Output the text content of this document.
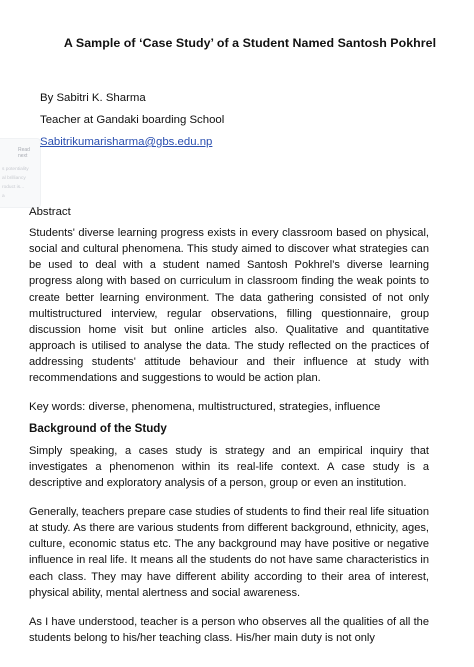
Read next
s potentiality
al brilliancy
roduct is...
a
A Sample of ‘Case Study’ of a Student Named Santosh Pokhrel
By Sabitri K. Sharma
Teacher at Gandaki boarding School
Sabitrikumarisharma@gbs.edu.np
Abstract

Students' diverse learning progress exists in every classroom based on physical, social and cultural phenomena. This study aimed to discover what strategies can be used to deal with a student named Santosh Pokhrel’s diverse learning progress along with based on curriculum in classroom finding the weak points to create better learning environment. The data gathering consisted of not only multistructured interview, regular observations, filling questionnaire, group discussion home visit but online articles also. Qualitative and quantitative approach is utilised to analyse the data. The study reflected on the practices of addressing students' attitude behaviour and their influence at study with recommendations and suggestions to would be action plan.

Key words: diverse, phenomena, multistructured, strategies, influence
Background of the Study

Simply speaking, a cases study is strategy and an empirical inquiry that investigates a phenomenon within its real-life context. A case study is a descriptive and exploratory analysis of a person, group or even an institution.

Generally, teachers prepare case studies of students to find their real life situation at study. As there are various students from different background, ethnicity, ages, culture, economic status etc. The any background may have positive or negative influence in real life. It means all the students do not have same characteristics in each class. They may have different ability according to their area of interest, physical ability, mental alertness and social awareness.

As I have understood, teacher is a person who observes all the qualities of all the students belong to his/her teaching class. His/her main duty is not only
